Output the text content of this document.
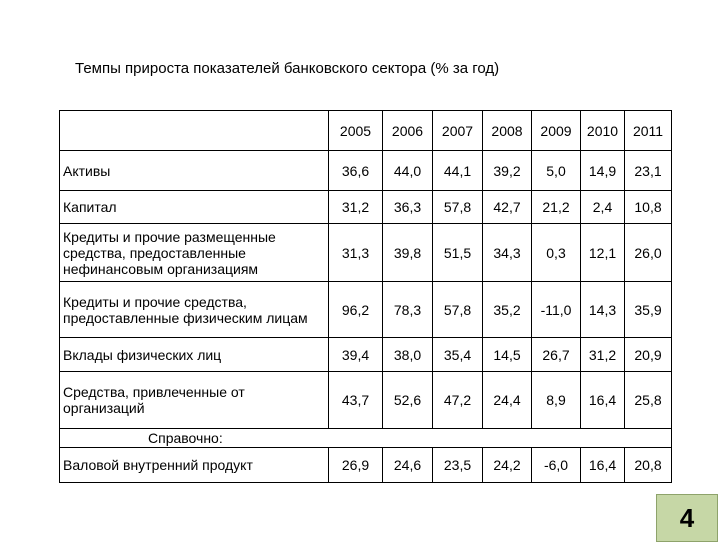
Темпы прироста показателей банковского сектора (% за год)
	2005	2006	2007	2008	2009	2010	2011
Активы	36,6	44,0	44,1	39,2	5,0	14,9	23,1
Капитал	31,2	36,3	57,8	42,7	21,2	2,4	10,8
Кредиты и прочие размещенные средства, предоставленные нефинансовым организациям	31,3	39,8	51,5	34,3	0,3	12,1	26,0
Кредиты и прочие средства, предоставленные физическим лицам	96,2	78,3	57,8	35,2	-11,0	14,3	35,9
Вклады физических лиц	39,4	38,0	35,4	14,5	26,7	31,2	20,9
Средства, привлеченные от организаций	43,7	52,6	47,2	24,4	8,9	16,4	25,8
Справочно:							
Валовой внутренний продукт	26,9	24,6	23,5	24,2	-6,0	16,4	20,8
4
